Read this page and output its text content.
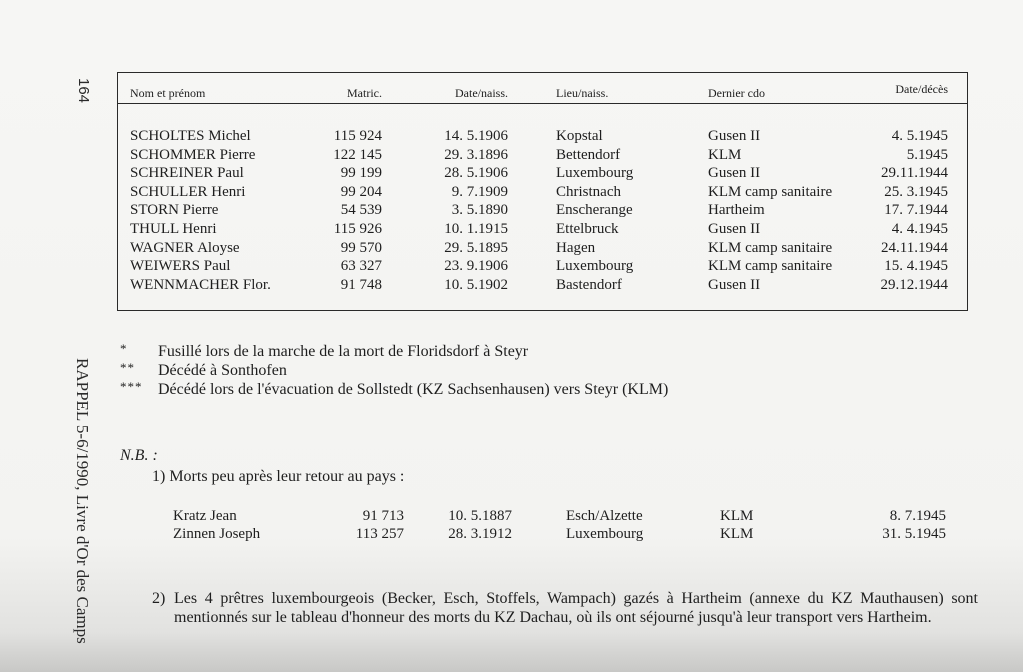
164
RAPPEL 5-6/1990, Livre d'Or des Camps
Nom et prénom	Matric.	Date/naiss.	Lieu/naiss.	Dernier cdo	Date/décès
SCHOLTES Michel	115 924	14. 5.1906	Kopstal	Gusen II	4. 5.1945
SCHOMMER Pierre	122 145	29. 3.1896	Bettendorf	KLM	5.1945
SCHREINER Paul	99 199	28. 5.1906	Luxembourg	Gusen II	29.11.1944
SCHULLER Henri	99 204	9. 7.1909	Christnach	KLM camp sanitaire	25. 3.1945
STORN Pierre	54 539	3. 5.1890	Enscherange	Hartheim	17. 7.1944
THULL Henri	115 926	10. 1.1915	Ettelbruck	Gusen II	4. 4.1945
WAGNER Aloyse	99 570	29. 5.1895	Hagen	KLM camp sanitaire	24.11.1944
WEIWERS Paul	63 327	23. 9.1906	Luxembourg	KLM camp sanitaire	15. 4.1945
WENNMACHER Flor.	91 748	10. 5.1902	Bastendorf	Gusen II	29.12.1944
* Fusillé lors de la marche de la mort de Floridsdorf à Steyr
** Décédé à Sonthofen
*** Décédé lors de l'évacuation de Sollstedt (KZ Sachsenhausen) vers Steyr (KLM)
N.B. :
1) Morts peu après leur retour au pays :
Kratz Jean	91 713	10. 5.1887	Esch/Alzette	KLM	8. 7.1945
Zinnen Joseph	113 257	28. 3.1912	Luxembourg	KLM	31. 5.1945
2) Les 4 prêtres luxembourgeois (Becker, Esch, Stoffels, Wampach) gazés à Hartheim (annexe du KZ Mauthausen) sont mentionnés sur le tableau d'honneur des morts du KZ Dachau, où ils ont séjourné jusqu'à leur transport vers Hartheim.
